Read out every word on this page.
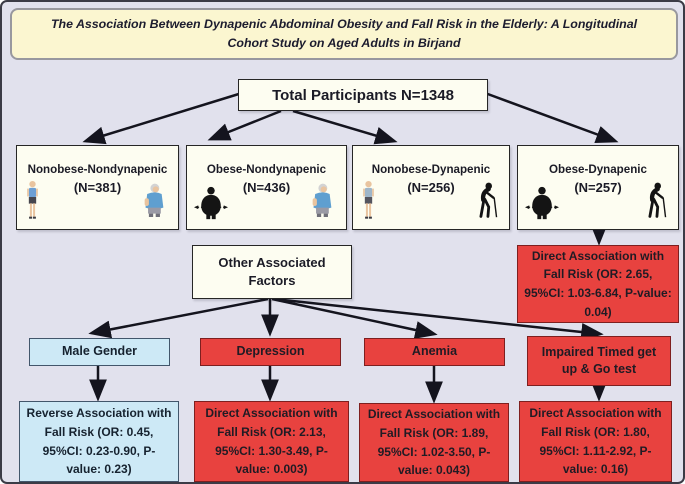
The Association Between Dynapenic Abdominal Obesity and Fall Risk in the Elderly: A Longitudinal Cohort Study on Aged Adults in Birjand
Total Participants N=1348
Nonobese-Nondynapenic
(N=381)
Obese-Nondynapenic
(N=436)
Nonobese-Dynapenic
(N=256)
Obese-Dynapenic
(N=257)
Other Associated Factors
Direct Association with Fall Risk (OR: 2.65, 95%CI: 1.03-6.84, P-value: 0.04)
Male Gender	Depression	Anemia	Impaired Timed get up & Go test
Reverse Association with Fall Risk (OR: 0.45, 95%CI: 0.23-0.90, P-value: 0.23)
Direct Association with Fall Risk (OR: 2.13, 95%CI: 1.30-3.49, P-value: 0.003)
Direct Association with Fall Risk (OR: 1.89, 95%CI: 1.02-3.50, P-value: 0.043)
Direct Association with Fall Risk (OR: 1.80, 95%CI: 1.11-2.92, P-value: 0.16)
